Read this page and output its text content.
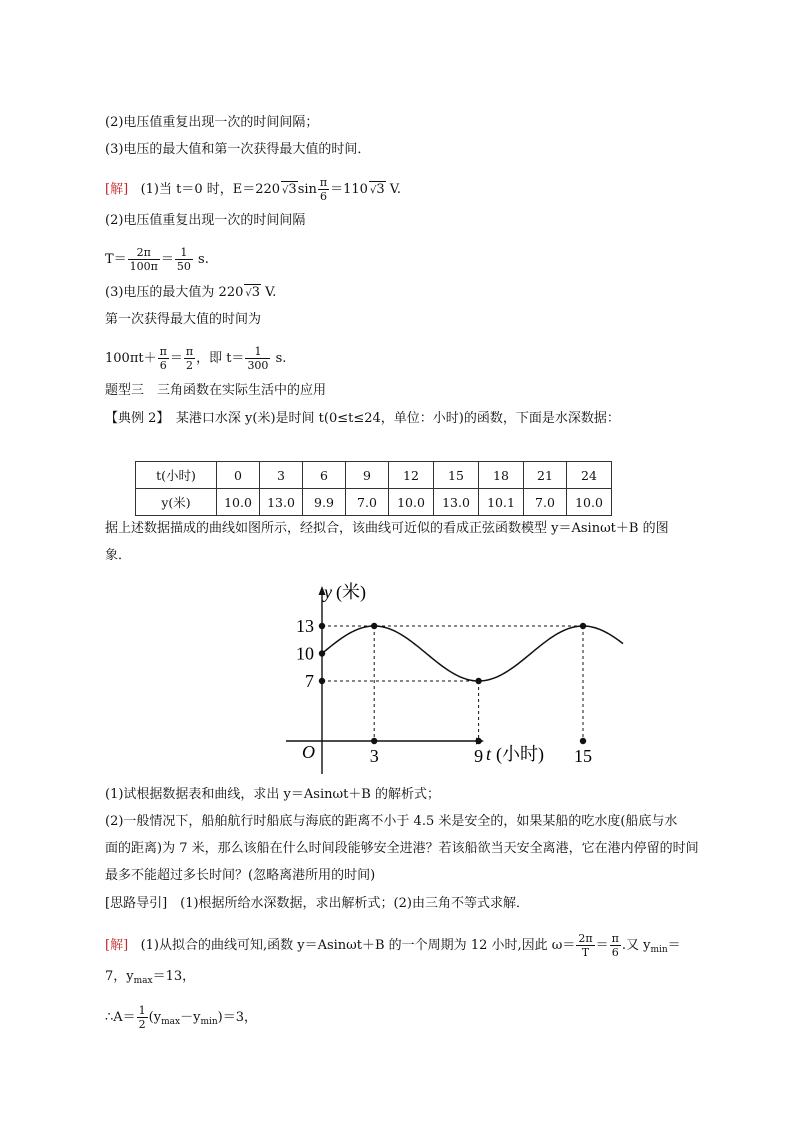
(2)电压值重复出现一次的时间间隔；
(3)电压的最大值和第一次获得最大值的时间．
[解] (1)当 t＝0 时，E＝220 $√3\sin \frac{\pi}{6} =110$ √3 V.
(2)电压值重复出现一次的时间间隔
$T= \frac{2\pi}{100\pi} = \frac{1}{50} s$.
(3)电压的最大值为 220 √3 V.
第一次获得最大值的时间为
$100\pi t+ \frac{\pi}{6} = \frac{\pi}{2}$ ，即 $t= \frac{1}{300} s$.
题型三　三角函数在实际生活中的应用
【典例 2】　某港口水深 y(米)是时间 t(0≤t≤24，单位：小时)的函数，下面是水深数据：
t(小时)	0	3	6	9	12	15	18	21	24
y(米)	10.0	13.0	9.9	7.0	10.0	13.0	10.1	7.0	10.0
据上述数据描成的曲线如图所示，经拟合，该曲线可近似的看成正弦函数模型 y＝Asinωt＋B 的图
象．
3	9	15
13
10
7
y (米)
t (小时)
O
(1)试根据数据表和曲线，求出 y＝Asinωt＋B 的解析式；
(2)一般情况下，船舶航行时船底与海底的距离不小于 4.5 米是安全的，如果某船的吃水度(船底与水
面的距离)为 7 米，那么该船在什么时间段能够安全进港？若该船欲当天安全离港，它在港内停留的时间
最多不能超过多长时间？(忽略离港所用的时间)
[思路导引]　(1)根据所给水深数据，求出解析式；(2)由三角不等式求解．
[解] (1)从拟合的曲线可知,函数 y＝Asinωt＋B 的一个周期为 12 小时,因此 $\omega= \frac{2\pi}{T} = \frac{\pi}{6}$ .又 $y_{min}=$
7，$y_{max}=13$，
∴A＝ $\frac{1}{2} (y_{max}-y_{min})=3$，
